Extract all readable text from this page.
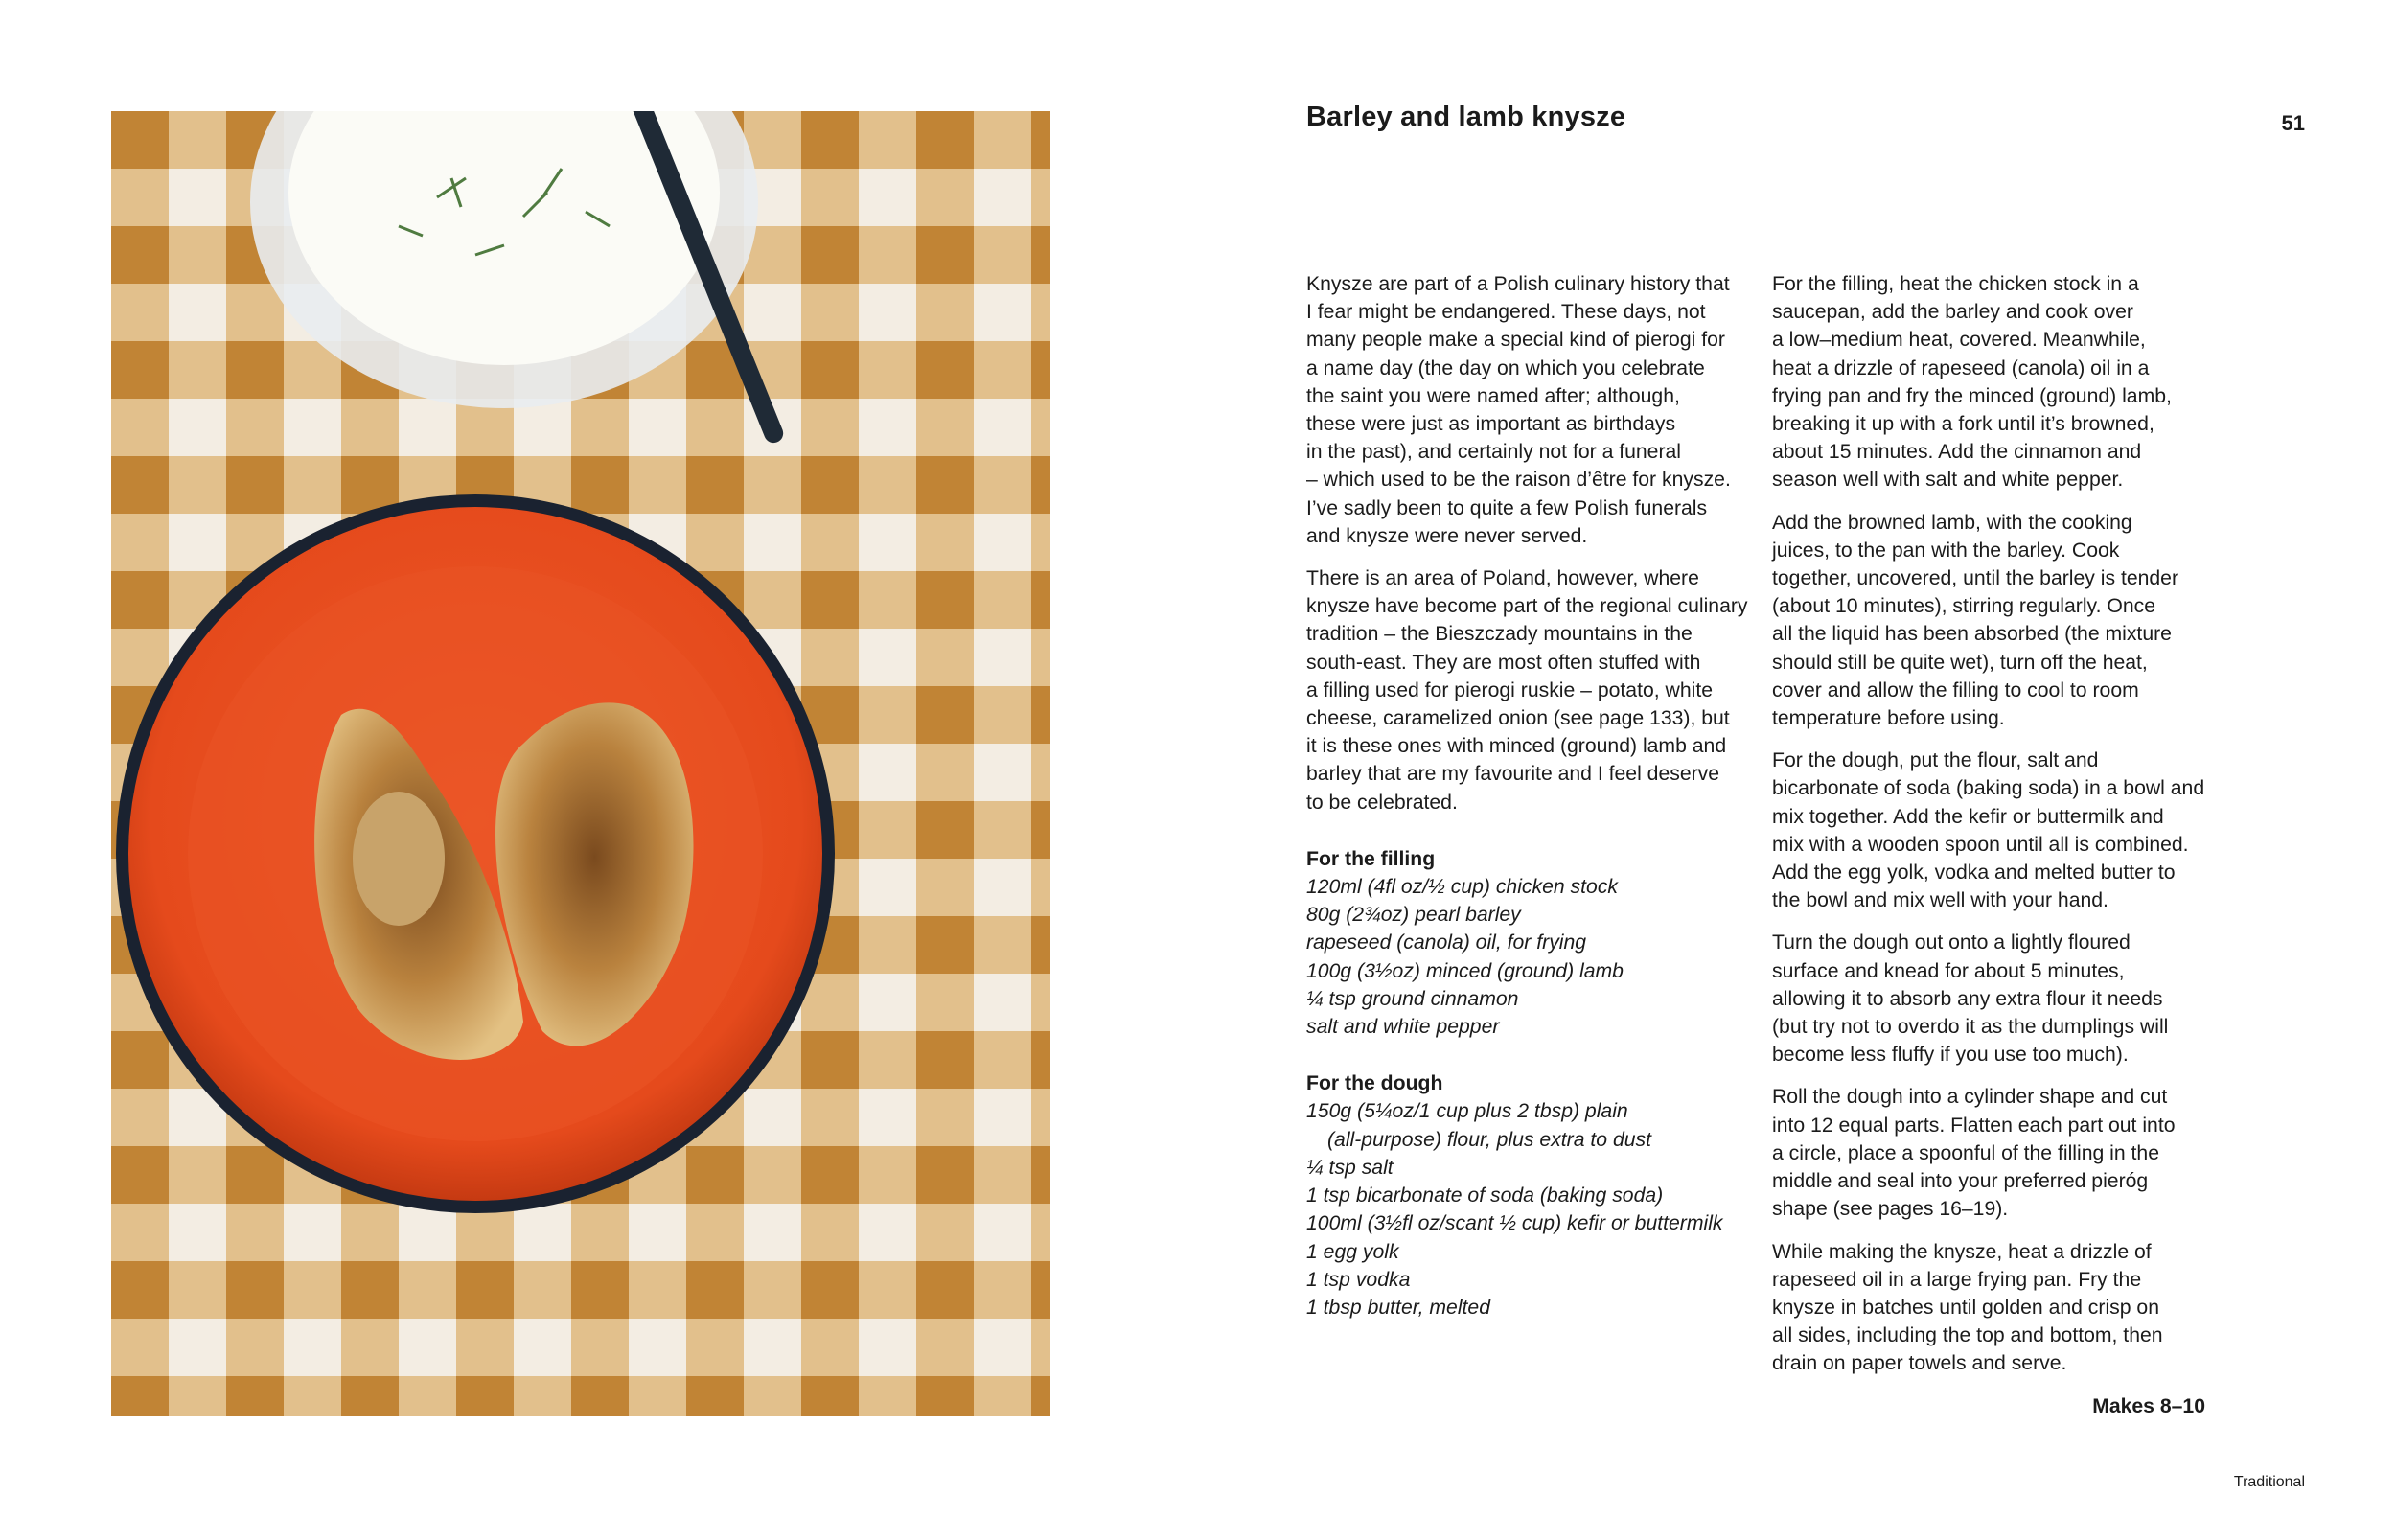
Barley and lamb knysze	51

Knysze are part of a Polish culinary history that
I fear might be endangered. These days, not
many people make a special kind of pierogi for
a name day (the day on which you celebrate
the saint you were named after; although,
these were just as important as birthdays
in the past), and certainly not for a funeral
– which used to be the raison d’être for knysze.
I’ve sadly been to quite a few Polish funerals
and knysze were never served.

There is an area of Poland, however, where
knysze have become part of the regional culinary
tradition – the Bieszczady mountains in the
south-east. They are most often stuffed with
a filling used for pierogi ruskie – potato, white
cheese, caramelized onion (see page 133), but
it is these ones with minced (ground) lamb and
barley that are my favourite and I feel deserve
to be celebrated.

For the filling
120ml (4fl oz/½ cup) chicken stock
80g (2¾oz) pearl barley
rapeseed (canola) oil, for frying
100g (3½oz) minced (ground) lamb
¼ tsp ground cinnamon
salt and white pepper
For the dough
150g (5¼oz/1 cup plus 2 tbsp) plain
(all-purpose) flour, plus extra to dust
¼ tsp salt
1 tsp bicarbonate of soda (baking soda)
100ml (3½fl oz/scant ½ cup) kefir or buttermilk
1 egg yolk
1 tsp vodka
1 tbsp butter, melted

For the filling, heat the chicken stock in a
saucepan, add the barley and cook over
a low–medium heat, covered. Meanwhile,
heat a drizzle of rapeseed (canola) oil in a
frying pan and fry the minced (ground) lamb,
breaking it up with a fork until it’s browned,
about 15 minutes. Add the cinnamon and
season well with salt and white pepper.

Add the browned lamb, with the cooking
juices, to the pan with the barley. Cook
together, uncovered, until the barley is tender
(about 10 minutes), stirring regularly. Once
all the liquid has been absorbed (the mixture
should still be quite wet), turn off the heat,
cover and allow the filling to cool to room
temperature before using.

For the dough, put the flour, salt and
bicarbonate of soda (baking soda) in a bowl and
mix together. Add the kefir or buttermilk and
mix with a wooden spoon until all is combined.
Add the egg yolk, vodka and melted butter to
the bowl and mix well with your hand.

Turn the dough out onto a lightly floured
surface and knead for about 5 minutes,
allowing it to absorb any extra flour it needs
(but try not to overdo it as the dumplings will
become less fluffy if you use too much).

Roll the dough into a cylinder shape and cut
into 12 equal parts. Flatten each part out into
a circle, place a spoonful of the filling in the
middle and seal into your preferred pieróg
shape (see pages 16–19).

While making the knysze, heat a drizzle of
rapeseed oil in a large frying pan. Fry the
knysze in batches until golden and crisp on
all sides, including the top and bottom, then
drain on paper towels and serve.

Makes 8–10
Traditional
